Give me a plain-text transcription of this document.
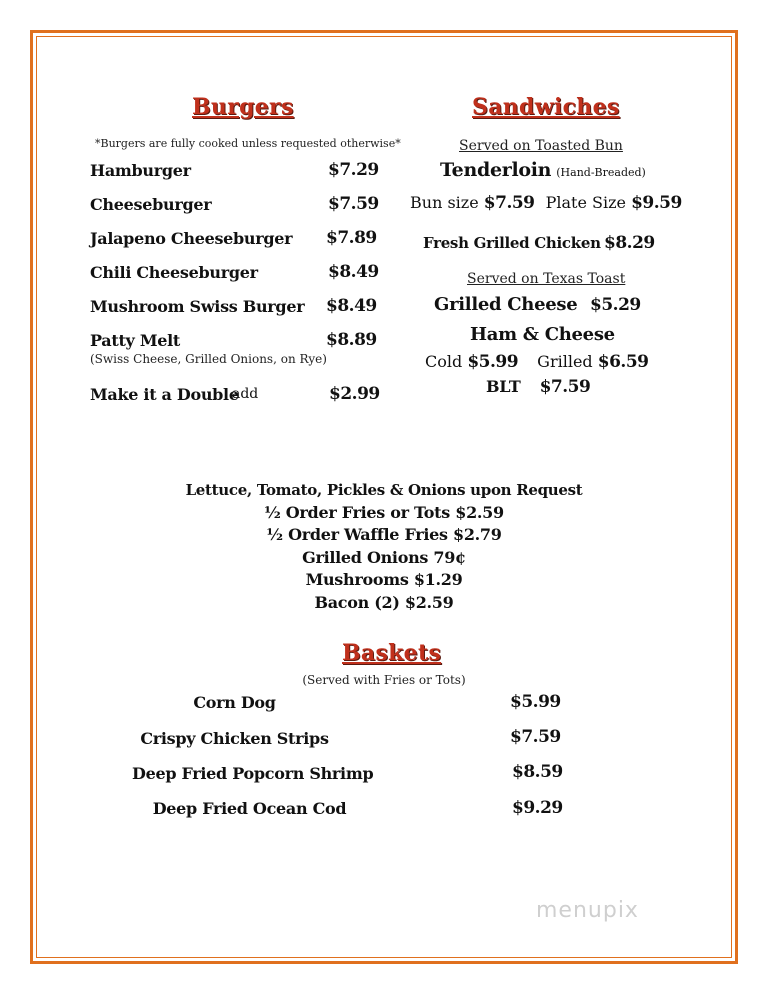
Burgers
*Burgers are fully cooked unless requested otherwise*
Hamburger	$7.29
Cheeseburger	$7.59
Jalapeno Cheeseburger $7.89
Chili Cheeseburger	$8.49
Mushroom Swiss Burger $8.49
Patty Melt	$8.89
(Swiss Cheese, Grilled Onions, on Rye)
Make it a Double
add	$2.99
Sandwiches
Served on Toasted Bun
Tenderloin (Hand-Breaded)
Bun size $7.59 Plate Size $9.59
Fresh Grilled Chicken $8.29
Served on Texas Toast
Grilled Cheese $5.29
Ham & Cheese
Cold $5.99 Grilled $6.59
BLT $7.59
Lettuce, Tomato, Pickles & Onions upon Request
½ Order Fries or Tots $2.59
½ Order Waffle Fries $2.79
Grilled Onions 79¢
Mushrooms $1.29
Bacon (2) $2.59
Baskets
(Served with Fries or Tots)
Corn Dog	$5.99
Crispy Chicken Strips	$7.59
Deep Fried Popcorn Shrimp	$8.59
Deep Fried Ocean Cod	$9.29
menupix
